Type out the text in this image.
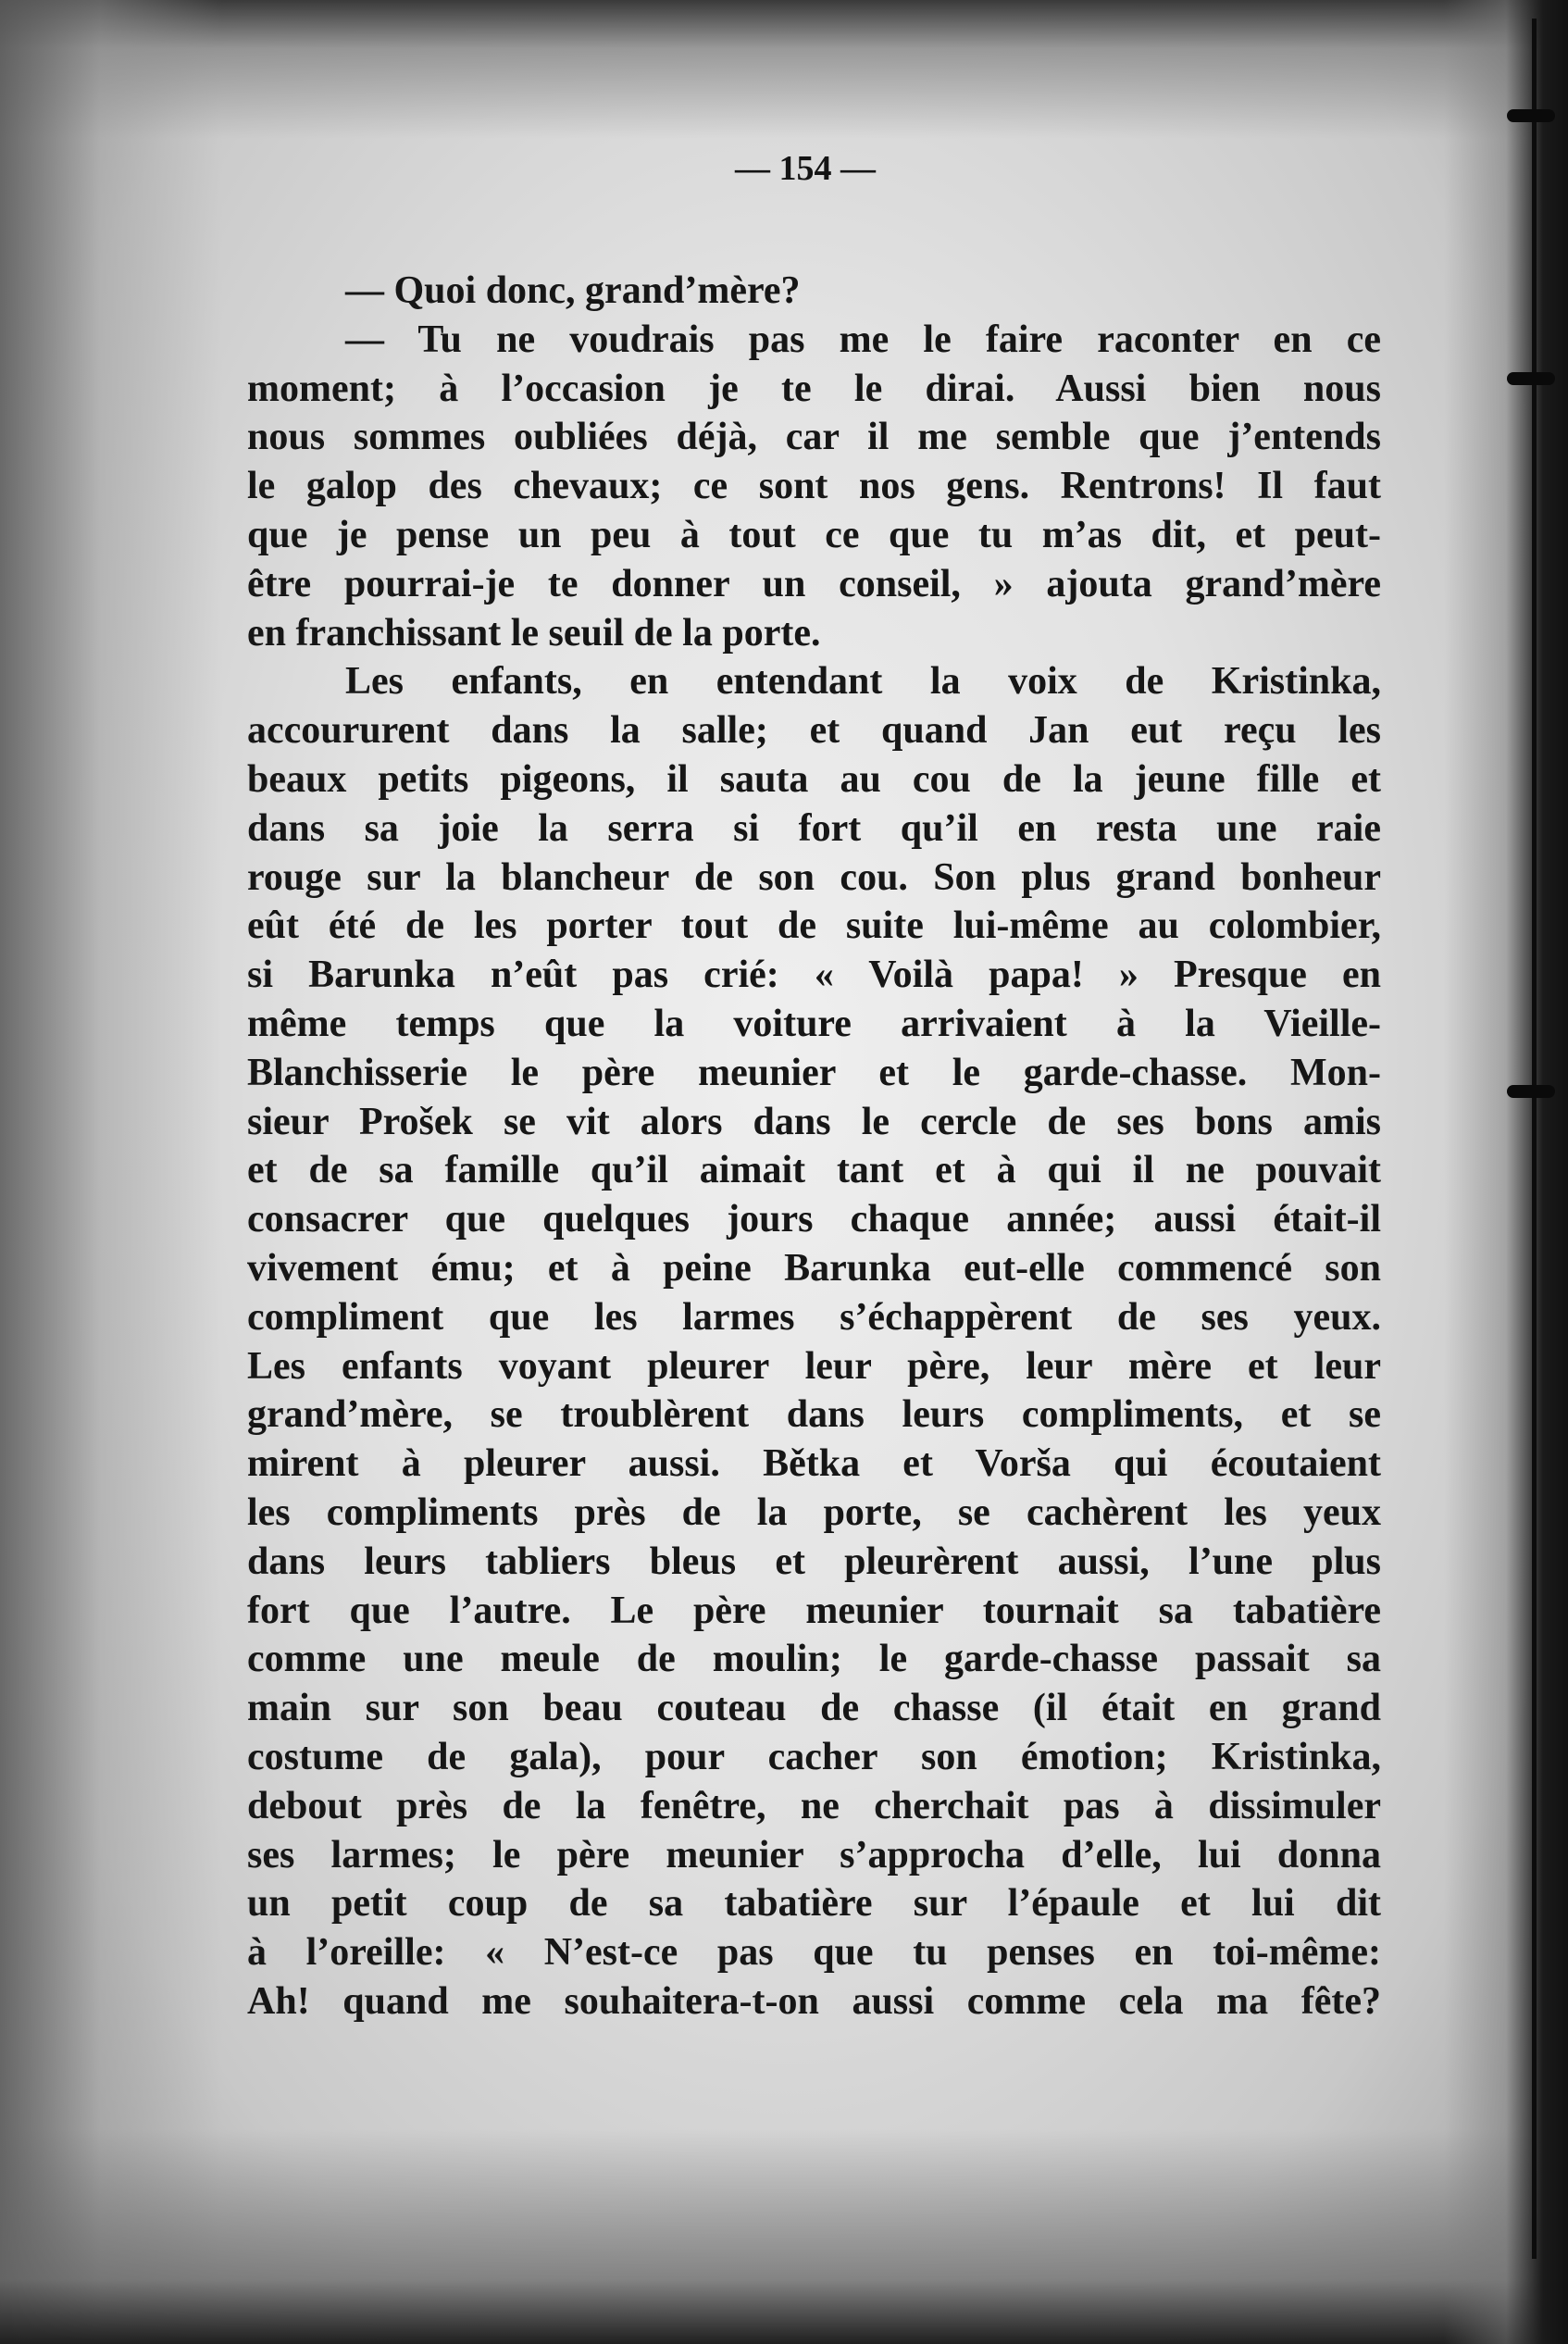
— 154 —
— Quoi donc, grand’mère?
— Tu ne voudrais pas me le faire raconter en ce
moment; à l’occasion je te le dirai. Aussi bien nous
nous sommes oubliées déjà, car il me semble que j’entends
le galop des chevaux; ce sont nos gens. Rentrons! Il faut
que je pense un peu à tout ce que tu m’as dit, et peut-
être pourrai-je te donner un conseil, » ajouta grand’mère
en franchissant le seuil de la porte.
Les enfants, en entendant la voix de Kristinka,
accoururent dans la salle; et quand Jan eut reçu les
beaux petits pigeons, il sauta au cou de la jeune fille et
dans sa joie la serra si fort qu’il en resta une raie
rouge sur la blancheur de son cou. Son plus grand bonheur
eût été de les porter tout de suite lui-même au colombier,
si Barunka n’eût pas crié: « Voilà papa! » Presque en
même temps que la voiture arrivaient à la Vieille-
Blanchisserie le père meunier et le garde-chasse. Mon-
sieur Prošek se vit alors dans le cercle de ses bons amis
et de sa famille qu’il aimait tant et à qui il ne pouvait
consacrer que quelques jours chaque année; aussi était-il
vivement ému; et à peine Barunka eut-elle commencé son
compliment que les larmes s’échappèrent de ses yeux.
Les enfants voyant pleurer leur père, leur mère et leur
grand’mère, se troublèrent dans leurs compliments, et se
mirent à pleurer aussi. Bětka et Vorša qui écoutaient
les compliments près de la porte, se cachèrent les yeux
dans leurs tabliers bleus et pleurèrent aussi, l’une plus
fort que l’autre. Le père meunier tournait sa tabatière
comme une meule de moulin; le garde-chasse passait sa
main sur son beau couteau de chasse (il était en grand
costume de gala), pour cacher son émotion; Kristinka,
debout près de la fenêtre, ne cherchait pas à dissimuler
ses larmes; le père meunier s’approcha d’elle, lui donna
un petit coup de sa tabatière sur l’épaule et lui dit
à l’oreille: « N’est-ce pas que tu penses en toi-même:
Ah! quand me souhaitera-t-on aussi comme cela ma fête?
